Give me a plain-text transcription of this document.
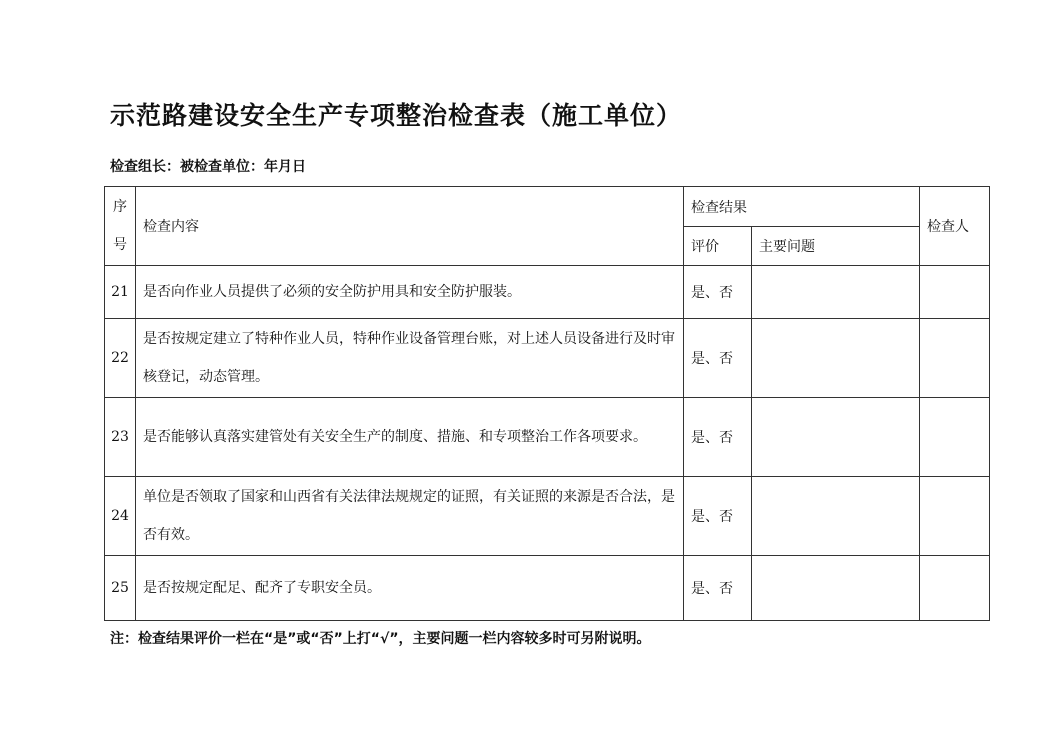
示范路建设安全生产专项整治检查表（施工单位）
检查组长：被检查单位：年月日
序
号	检查内容	检查结果		检查人
		评价	主要问题	
21	是否向作业人员提供了必须的安全防护用具和安全防护服装。	是、否		
22	是否按规定建立了特种作业人员，特种作业设备管理台账，对上述人员设备进行及时审核登记，动态管理。	是、否		
23	是否能够认真落实建管处有关安全生产的制度、措施、和专项整治工作各项要求。	是、否		
24	单位是否领取了国家和山西省有关法律法规规定的证照，有关证照的来源是否合法，是否有效。	是、否		
25	是否按规定配足、配齐了专职安全员。	是、否		
注：检查结果评价一栏在“是”或“否”上打“√”，主要问题一栏内容较多时可另附说明。
